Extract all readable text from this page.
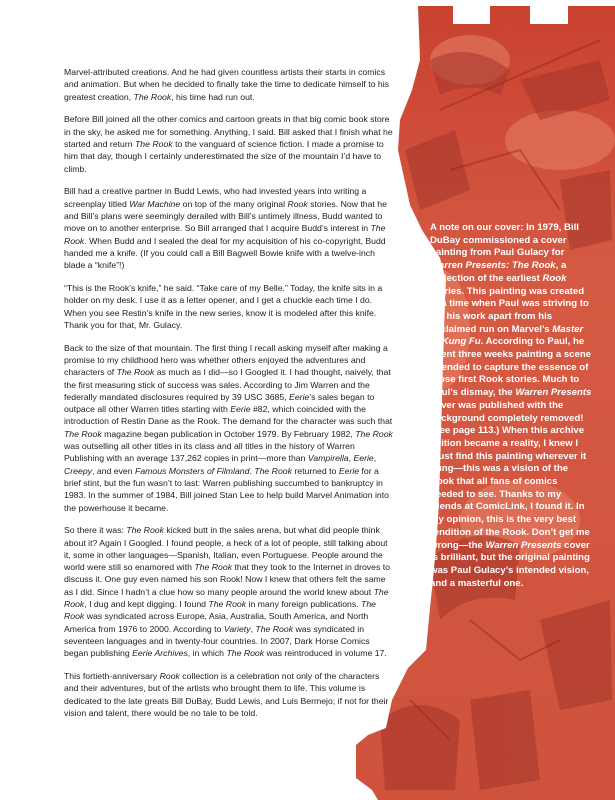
Marvel-attributed creations. And he had given countless artists their starts in comics and animation. But when he decided to finally take the time to dedicate himself to his greatest creation, The Rook, his time had run out.

Before Bill joined all the other comics and cartoon greats in that big comic book store in the sky, he asked me for something. Anything, I said. Bill asked that I finish what he started and return The Rook to the vanguard of science fiction. I made a promise to him that day, though I certainly underestimated the size of the mountain I’d have to climb.

Bill had a creative partner in Budd Lewis, who had invested years into writing a screenplay titled War Machine on top of the many original Rook stories. Now that he and Bill’s plans were seemingly derailed with Bill’s untimely illness, Budd wanted to move on to another enterprise. So Bill arranged that I acquire Budd’s interest in The Rook. When Budd and I sealed the deal for my acquisition of his co-copyright, Budd handed me a knife. (If you could call a Bill Bagwell Bowie knife with a twelve-inch blade a “knife”!)

“This is the Rook’s knife,” he said. “Take care of my Belle.” Today, the knife sits in a holder on my desk. I use it as a letter opener, and I get a chuckle each time I do. When you see Restin’s knife in the new series, know it is modeled after this knife. Thank you for that, Mr. Gulacy.

Back to the size of that mountain. The first thing I recall asking myself after making a promise to my childhood hero was whether others enjoyed the adventures and characters of The Rook as much as I did—so I Googled it. I had thought, naively, that the first measuring stick of success was sales. According to Jim Warren and the federally mandated disclosures required by 39 USC 3685, Eerie’s sales began to outpace all other Warren titles starting with Eerie #82, which coincided with the introduction of Restin Dane as the Rook. The demand for the character was such that The Rook magazine began publication in October 1979. By February 1982, The Rook was outselling all other titles in its class and all titles in the history of Warren Publishing with an average 137,262 copies in print—more than Vampirella, Eerie, Creepy, and even Famous Monsters of Filmland. The Rook returned to Eerie for a brief stint, but the fun wasn’t to last: Warren publishing succumbed to bankruptcy in 1983. In the summer of 1984, Bill joined Stan Lee to help build Marvel Animation into the powerhouse it became.

So there it was: The Rook kicked butt in the sales arena, but what did people think about it? Again I Googled. I found people, a heck of a lot of people, still talking about it, some in other languages—Spanish, Italian, even Portuguese. People around the world were still so enamored with The Rook that they took to the Internet in droves to discuss it. One guy even named his son Rook! Now I knew that others felt the same as I did. Since I hadn’t a clue how so many people around the world knew about The Rook, I dug and kept digging. I found The Rook in many foreign publications. The Rook was syndicated across Europe, Asia, Australia, South America, and North America from 1976 to 2000. According to Variety, The Rook was syndicated in seventeen languages and in twenty-four countries. In 2007, Dark Horse Comics began publishing Eerie Archives, in which The Rook was reintroduced in volume 17.

This fortieth-anniversary Rook collection is a celebration not only of the characters and their adventures, but of the artists who brought them to life. This volume is dedicated to the late greats Bill DuBay, Budd Lewis, and Luis Bermejo; if not for their vision and talent, there would be no tale to be told.

A note on our cover: In 1979, Bill DuBay commissioned a cover painting from Paul Gulacy for Warren Presents: The Rook, a collection of the earliest Rook stories. This painting was created at a time when Paul was striving to set his work apart from his acclaimed run on Marvel’s Master of Kung Fu. According to Paul, he spent three weeks painting a scene intended to capture the essence of those first Rook stories. Much to Paul’s dismay, the Warren Presents cover was published with the background completely removed! (See page 113.) When this archive edition became a reality, I knew I must find this painting wherever it hung—this was a vision of the Rook that all fans of comics needed to see. Thanks to my friends at ComicLink, I found it. In my opinion, this is the very best rendition of the Rook. Don’t get me wrong—the Warren Presents cover is brilliant, but the original painting was Paul Gulacy’s intended vision, and a masterful one.
